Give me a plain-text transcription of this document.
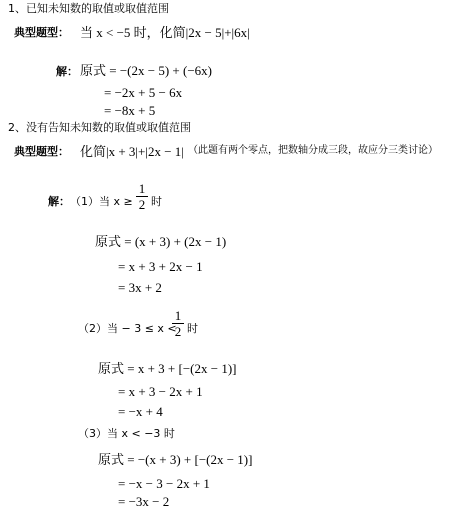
1、已知未知数的取值或取值范围
典型题型： 当 x < −5 时，化简|2x − 5|+|6x|
解： 原式 = −(2x − 5) + (−6x)
= −2x + 5 − 6x
= −8x + 5
2、没有告知未知数的取值或取值范围
典型题型： 化简|x + 3|+|2x − 1| （此题有两个零点，把数轴分成三段，故应分三类讨论）
解： （1）当 x ≥
1
2 时
原式 = (x + 3) + (2x − 1)
= x + 3 + 2x − 1
= 3x + 2
（2）当 − 3 ≤ x <
1
2 时
原式 = x + 3 + [−(2x − 1)]
= x + 3 − 2x + 1
= −x + 4
（3）当 x < −3 时
原式 = −(x + 3) + [−(2x − 1)]
= −x − 3 − 2x + 1
= −3x − 2
